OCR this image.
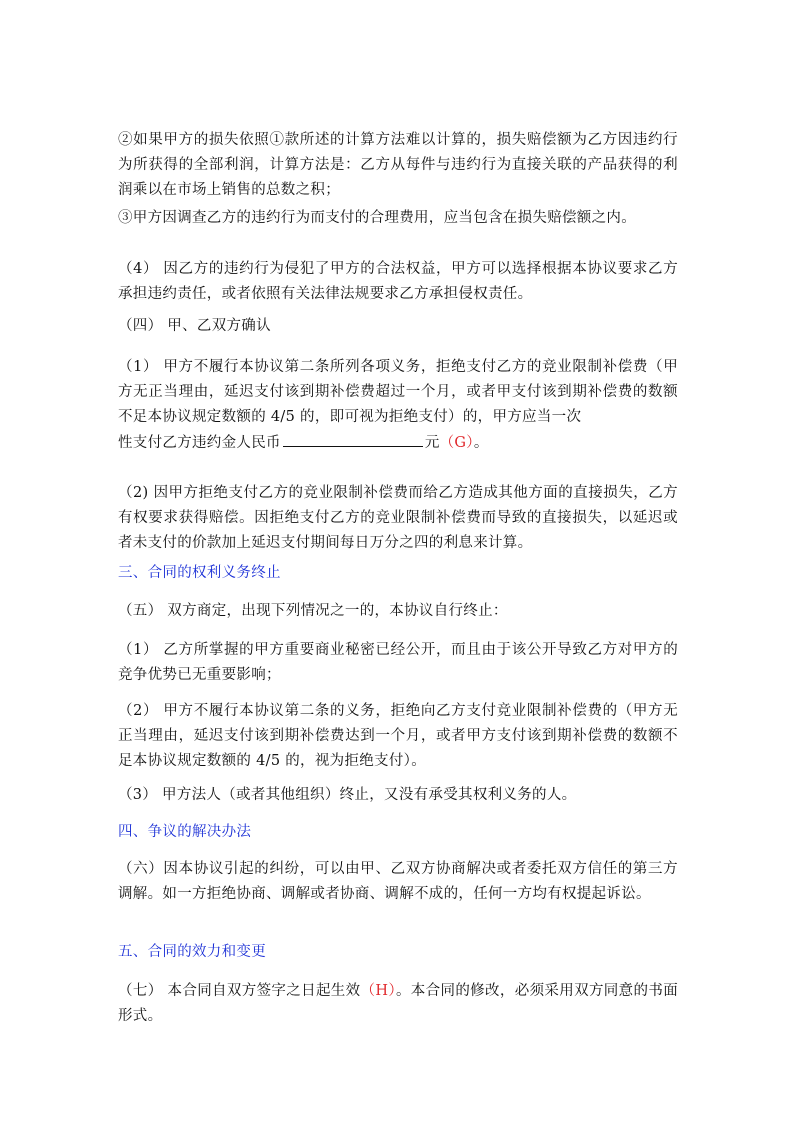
②如果甲方的损失依照①款所述的计算方法难以计算的，损失赔偿额为乙方因违约行为所获得的全部利润，计算方法是：乙方从每件与违约行为直接关联的产品获得的利润乘以在市场上销售的总数之积；

③甲方因调查乙方的违约行为而支付的合理费用，应当包含在损失赔偿额之内。

（4） 因乙方的违约行为侵犯了甲方的合法权益，甲方可以选择根据本协议要求乙方承担违约责任，或者依照有关法律法规要求乙方承担侵权责任。

（四） 甲、乙双方确认

（1） 甲方不履行本协议第二条所列各项义务，拒绝支付乙方的竞业限制补偿费（甲方无正当理由，延迟支付该到期补偿费超过一个月，或者甲支付该到期补偿费的数额不足本协议规定数额的 4/5 的，即可视为拒绝支付）的，甲方应当一次

性支付乙方违约金人民币	元（G）。

（2) 因甲方拒绝支付乙方的竞业限制补偿费而给乙方造成其他方面的直接损失，乙方有权要求获得赔偿。因拒绝支付乙方的竞业限制补偿费而导致的直接损失，以延迟或者未支付的价款加上延迟支付期间每日万分之四的利息来计算。

三、合同的权利义务终止

（五） 双方商定，出现下列情况之一的，本协议自行终止：

（1） 乙方所掌握的甲方重要商业秘密已经公开，而且由于该公开导致乙方对甲方的竞争优势已无重要影响；

（2） 甲方不履行本协议第二条的义务，拒绝向乙方支付竞业限制补偿费的（甲方无正当理由，延迟支付该到期补偿费达到一个月，或者甲方支付该到期补偿费的数额不足本协议规定数额的 4/5 的，视为拒绝支付）。

（3） 甲方法人（或者其他组织）终止，又没有承受其权利义务的人。

四、争议的解决办法

（六）因本协议引起的纠纷，可以由甲、乙双方协商解决或者委托双方信任的第三方调解。如一方拒绝协商、调解或者协商、调解不成的，任何一方均有权提起诉讼。

五、合同的效力和变更

（七） 本合同自双方签字之日起生效（H）。本合同的修改，必须采用双方同意的书面形式。
